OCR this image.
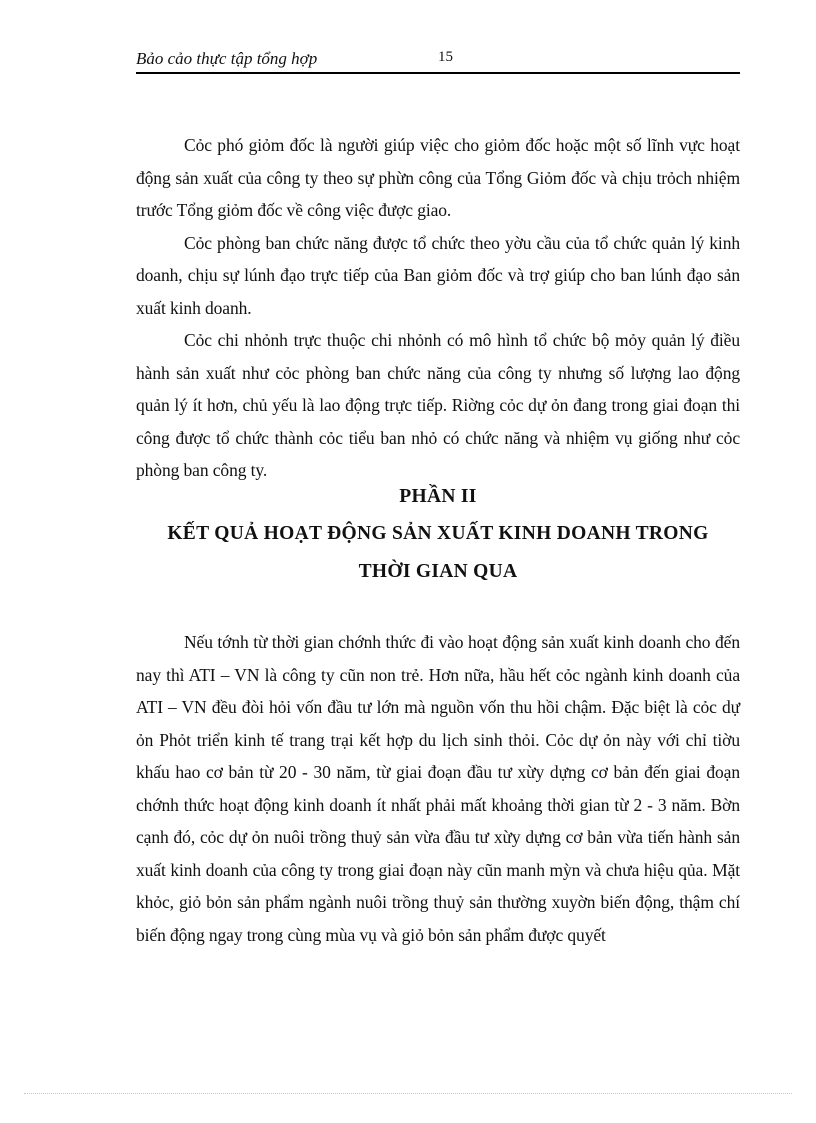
Bảo cảo thực tập tổng hợp	15

Cỏc phó giỏm đốc là người giúp việc cho giỏm đốc hoặc một số lĩnh vực hoạt động sản xuất của công ty theo sự phừn công của Tổng Giỏm đốc và chịu trỏch nhiệm trước Tổng giỏm đốc về công việc được giao.

Cỏc phòng ban chức năng được tổ chức theo yờu cầu của tổ chức quản lý kinh doanh, chịu sự lúnh đạo trực tiếp của Ban giỏm đốc và trợ giúp cho ban lúnh đạo sản xuất kinh doanh.

Cỏc chi nhỏnh trực thuộc chi nhỏnh có mô hình tổ chức bộ mỏy quản lý điều hành sản xuất như cỏc phòng ban chức năng của công ty nhưng số lượng lao động quản lý ít hơn, chủ yếu là lao động trực tiếp. Riờng cỏc dự ỏn đang trong giai đoạn thi công được tổ chức thành cỏc tiểu ban nhỏ có chức năng và nhiệm vụ giống như cỏc phòng ban công ty.

PHẦN II

KẾT QUẢ HOẠT ĐỘNG SẢN XUẤT KINH DOANH TRONG

THỜI GIAN QUA

Nếu tớnh từ thời gian chớnh thức đi vào hoạt động sản xuất kinh doanh cho đến nay thì ATI – VN là công ty cũn non trẻ. Hơn nữa, hầu hết cỏc ngành kinh doanh của ATI – VN đều đòi hỏi vốn đầu tư lớn mà nguồn vốn thu hồi chậm. Đặc biệt là cỏc dự ỏn Phỏt triển kinh tế trang trại kết hợp du lịch sinh thỏi. Cỏc dự ỏn này với chỉ tiờu khấu hao cơ bản từ 20 - 30 năm, từ giai đoạn đầu tư xừy dựng cơ bản đến giai đoạn chớnh thức hoạt động kinh doanh ít nhất phải mất khoảng thời gian từ 2 - 3 năm. Bờn cạnh đó, cỏc dự ỏn nuôi trồng thuỷ sản vừa đầu tư xừy dựng cơ bản vừa tiến hành sản xuất kinh doanh của công ty trong giai đoạn này cũn manh mỳn và chưa hiệu qủa. Mặt khỏc, giỏ bỏn sản phẩm ngành nuôi trồng thuỷ sản thường xuyờn biến động, thậm chí biến động ngay trong cùng mùa vụ và giỏ bỏn sản phẩm được quyết
